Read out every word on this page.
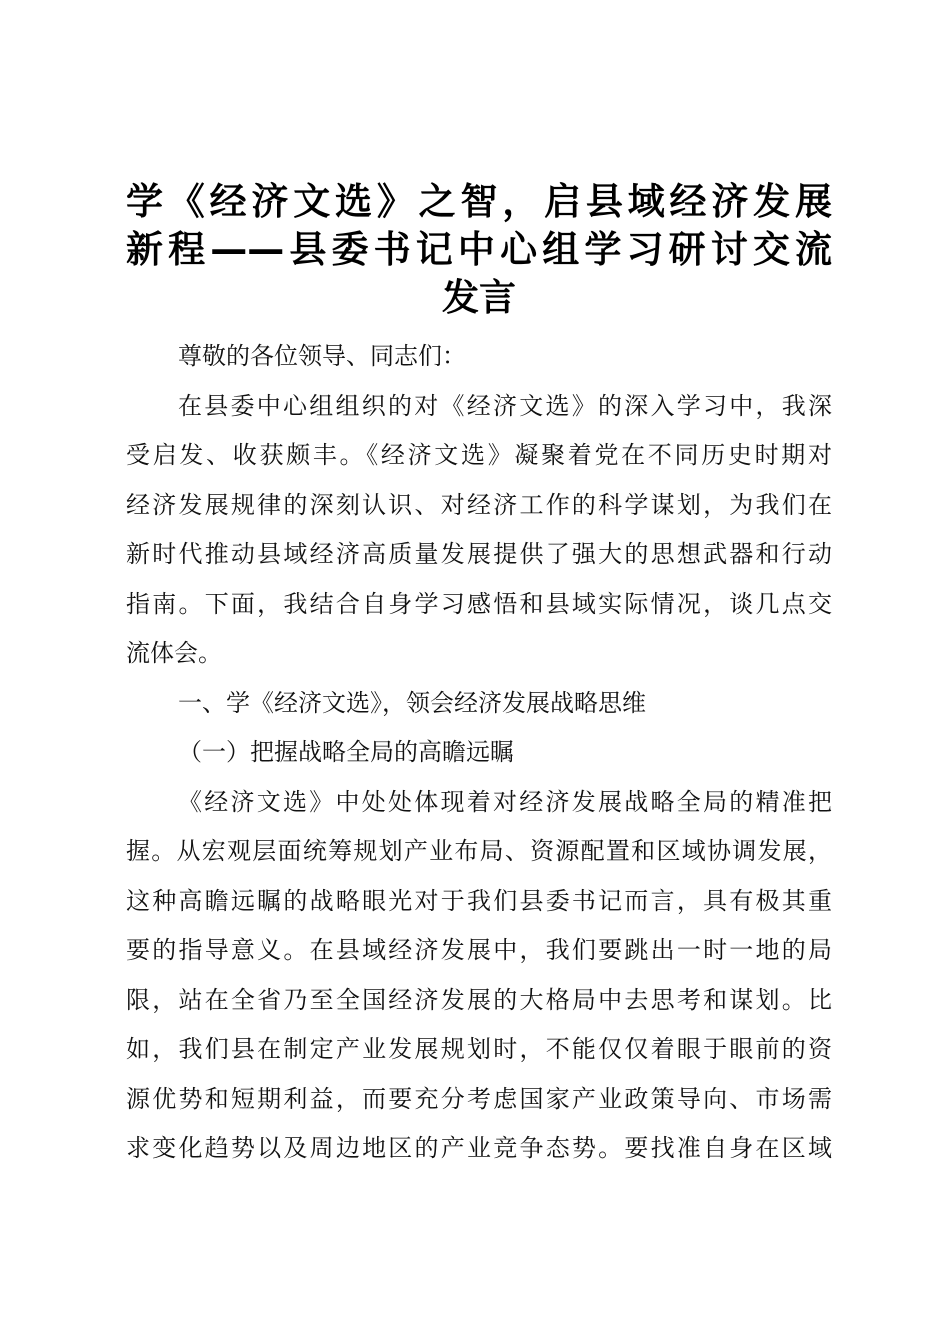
学《经济文选》之智，启县域经济发展
新程——县委书记中心组学习研讨交流
发言

尊敬的各位领导、同志们：

在县委中心组组织的对《经济文选》的深入学习中，我深
受启发、收获颇丰。《经济文选》凝聚着党在不同历史时期对
经济发展规律的深刻认识、对经济工作的科学谋划，为我们在
新时代推动县域经济高质量发展提供了强大的思想武器和行动
指南。下面，我结合自身学习感悟和县域实际情况，谈几点交
流体会。

一、学《经济文选》，领会经济发展战略思维

（一）把握战略全局的高瞻远瞩

《经济文选》中处处体现着对经济发展战略全局的精准把
握。从宏观层面统筹规划产业布局、资源配置和区域协调发展，
这种高瞻远瞩的战略眼光对于我们县委书记而言，具有极其重
要的指导意义。在县域经济发展中，我们要跳出一时一地的局
限，站在全省乃至全国经济发展的大格局中去思考和谋划。比
如，我们县在制定产业发展规划时，不能仅仅着眼于眼前的资
源优势和短期利益，而要充分考虑国家产业政策导向、市场需
求变化趋势以及周边地区的产业竞争态势。要找准自身在区域
